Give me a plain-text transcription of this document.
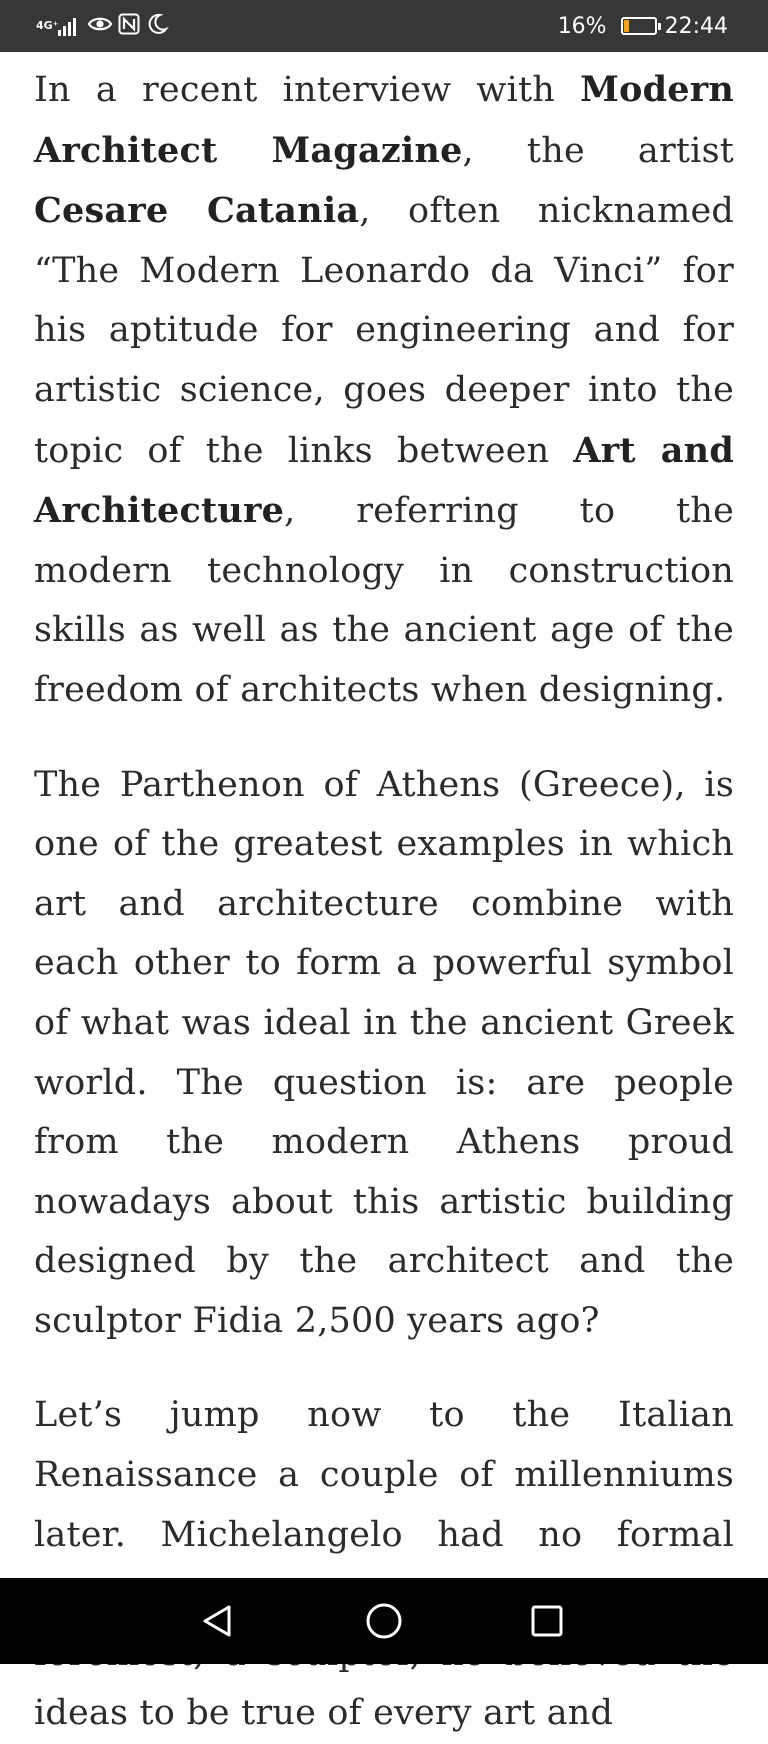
4G⁺	16%	22:44

In a recent interview with Modern Architect Magazine, the artist Cesare Catania, often nicknamed “The Modern Leonardo da Vinci” for his aptitude for engineering and for artistic science, goes deeper into the topic of the links between Art and Architecture, referring to the modern technology in construction skills as well as the ancient age of the freedom of architects when designing.

The Parthenon of Athens (Greece), is one of the greatest examples in which art and architecture combine with each other to form a powerful symbol of what was ideal in the ancient Greek world. The question is: are people from the modern Athens proud nowadays about this artistic building designed by the architect and the sculptor Fidia 2,500 years ago?

Let’s jump now to the Italian Renaissance a couple of millenniums later. Michelangelo had no formal ideas to be true of every art and
